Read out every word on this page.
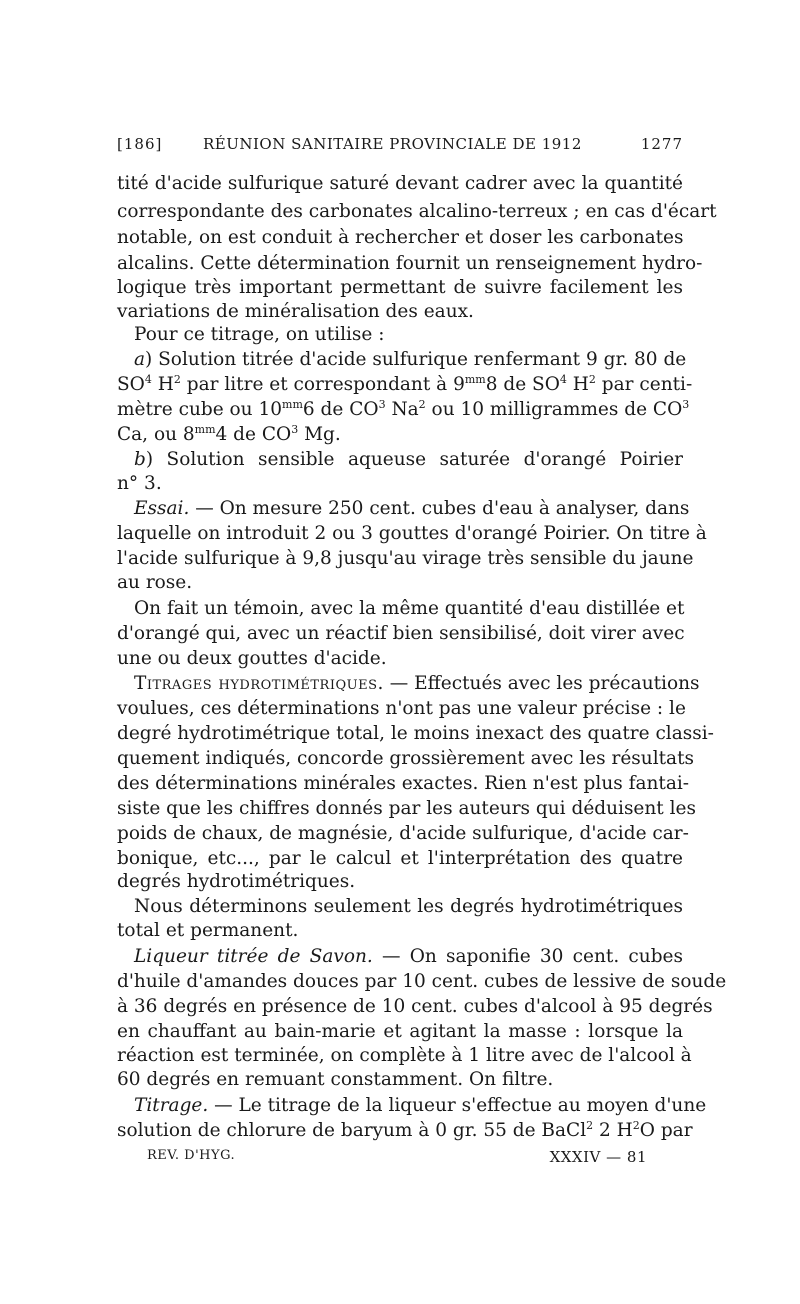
[186]	RÉUNION SANITAIRE PROVINCIALE DE 1912	1277
tité d'acide sulfurique saturé devant cadrer avec la quantité
correspondante des carbonates alcalino-terreux ; en cas d'écart
notable, on est conduit à rechercher et doser les carbonates
alcalins. Cette détermination fournit un renseignement hydro-
logique très important permettant de suivre facilement les
variations de minéralisation des eaux.
Pour ce titrage, on utilise :
a) Solution titrée d'acide sulfurique renfermant 9 gr. 80 de
$SO^4$ $H^2$ par litre et correspondant à $9^{mm}8$ de $SO^4$ $H^2$ par centi-
mètre cube ou $10^{mm}6$ de $CO^3$ Na$^2$ ou 10 milligrammes de $CO^3$
Ca, ou $8^{mm}4$ de $CO^3$ Mg.
b) Solution sensible aqueuse saturée d'orangé Poirier
n° 3.
Essai. — On mesure 250 cent. cubes d'eau à analyser, dans
laquelle on introduit 2 ou 3 gouttes d'orangé Poirier. On titre à
l'acide sulfurique à 9,8 jusqu'au virage très sensible du jaune
au rose.
On fait un témoin, avec la même quantité d'eau distillée et
d'orangé qui, avec un réactif bien sensibilisé, doit virer avec
une ou deux gouttes d'acide.
Titrages hydrotimétriques. — Effectués avec les précautions
voulues, ces déterminations n'ont pas une valeur précise : le
degré hydrotimétrique total, le moins inexact des quatre classi-
quement indiqués, concorde grossièrement avec les résultats
des déterminations minérales exactes. Rien n'est plus fantai-
siste que les chiffres donnés par les auteurs qui déduisent les
poids de chaux, de magnésie, d'acide sulfurique, d'acide car-
bonique, etc..., par le calcul et l'interprétation des quatre
degrés hydrotimétriques.
Nous déterminons seulement les degrés hydrotimétriques
total et permanent.
Liqueur titrée de Savon. — On saponifie 30 cent. cubes
d'huile d'amandes douces par 10 cent. cubes de lessive de soude
à 36 degrés en présence de 10 cent. cubes d'alcool à 95 degrés
en chauffant au bain-marie et agitant la masse : lorsque la
réaction est terminée, on complète à 1 litre avec de l'alcool à
60 degrés en remuant constamment. On filtre.
Titrage. — Le titrage de la liqueur s'effectue au moyen d'une
solution de chlorure de baryum à 0 gr. 55 de BaCl$^2$ 2 $H^2O$ par
REV. D'HYG.	XXXIV — 81
